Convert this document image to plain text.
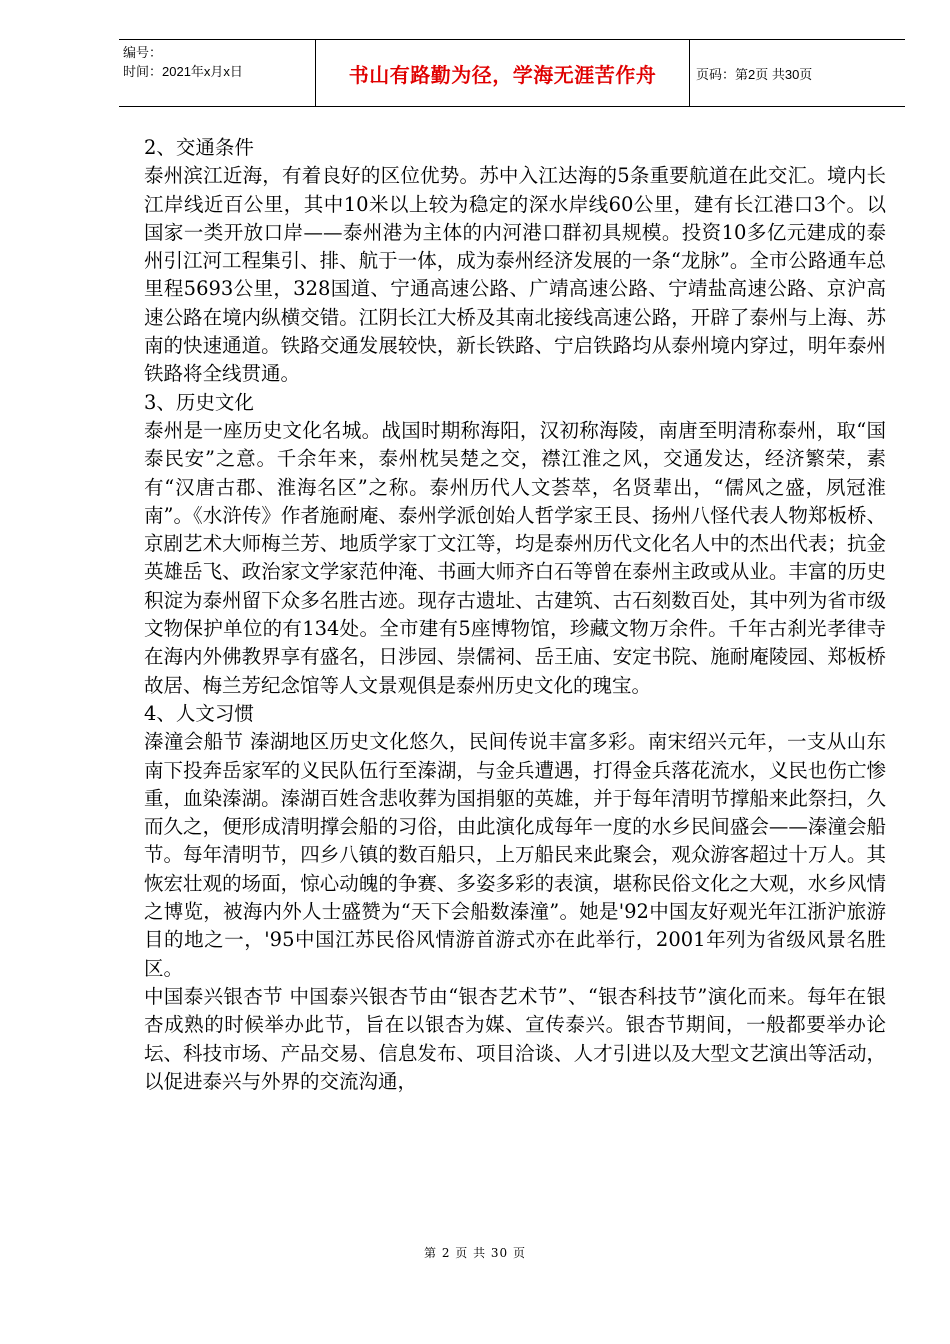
编号：
时间：2021年x月x日	书山有路勤为径，学海无涯苦作舟	页码：第2页 共30页

2、交通条件

泰州滨江近海，有着良好的区位优势。苏中入江达海的5条重要航道在此交汇。境内长江岸线近百公里，其中10米以上较为稳定的深水岸线60公里，建有长江港口3个。以国家一类开放口岸——泰州港为主体的内河港口群初具规模。投资10多亿元建成的泰州引江河工程集引、排、航于一体，成为泰州经济发展的一条“龙脉”。全市公路通车总里程5693公里，328国道、宁通高速公路、广靖高速公路、宁靖盐高速公路、京沪高速公路在境内纵横交错。江阴长江大桥及其南北接线高速公路，开辟了泰州与上海、苏南的快速通道。铁路交通发展较快，新长铁路、宁启铁路均从泰州境内穿过，明年泰州铁路将全线贯通。

3、历史文化

泰州是一座历史文化名城。战国时期称海阳，汉初称海陵，南唐至明清称泰州，取“国泰民安”之意。千余年来，泰州枕吴楚之交，襟江淮之风，交通发达，经济繁荣，素有“汉唐古郡、淮海名区”之称。泰州历代人文荟萃，名贤辈出，“儒风之盛，夙冠淮南”。《水浒传》作者施耐庵、泰州学派创始人哲学家王艮、扬州八怪代表人物郑板桥、京剧艺术大师梅兰芳、地质学家丁文江等，均是泰州历代文化名人中的杰出代表；抗金英雄岳飞、政治家文学家范仲淹、书画大师齐白石等曾在泰州主政或从业。丰富的历史积淀为泰州留下众多名胜古迹。现存古遗址、古建筑、古石刻数百处，其中列为省市级文物保护单位的有134处。全市建有5座博物馆，珍藏文物万余件。千年古刹光孝律寺在海内外佛教界享有盛名，日涉园、崇儒祠、岳王庙、安定书院、施耐庵陵园、郑板桥故居、梅兰芳纪念馆等人文景观俱是泰州历史文化的瑰宝。

4、人文习惯

溱潼会船节 溱湖地区历史文化悠久，民间传说丰富多彩。南宋绍兴元年，一支从山东南下投奔岳家军的义民队伍行至溱湖，与金兵遭遇，打得金兵落花流水，义民也伤亡惨重，血染溱湖。溱湖百姓含悲收葬为国捐躯的英雄，并于每年清明节撑船来此祭扫，久而久之，便形成清明撑会船的习俗，由此演化成每年一度的水乡民间盛会——溱潼会船节。每年清明节，四乡八镇的数百船只，上万船民来此聚会，观众游客超过十万人。其恢宏壮观的场面，惊心动魄的争赛、多姿多彩的表演，堪称民俗文化之大观，水乡风情之博览，被海内外人士盛赞为“天下会船数溱潼”。她是'92中国友好观光年江浙沪旅游目的地之一，'95中国江苏民俗风情游首游式亦在此举行，2001年列为省级风景名胜区。

中国泰兴银杏节 中国泰兴银杏节由“银杏艺术节”、“银杏科技节”演化而来。每年在银杏成熟的时候举办此节，旨在以银杏为媒、宣传泰兴。银杏节期间，一般都要举办论坛、科技市场、产品交易、信息发布、项目洽谈、人才引进以及大型文艺演出等活动，以促进泰兴与外界的交流沟通，

第 2 页 共 30 页
